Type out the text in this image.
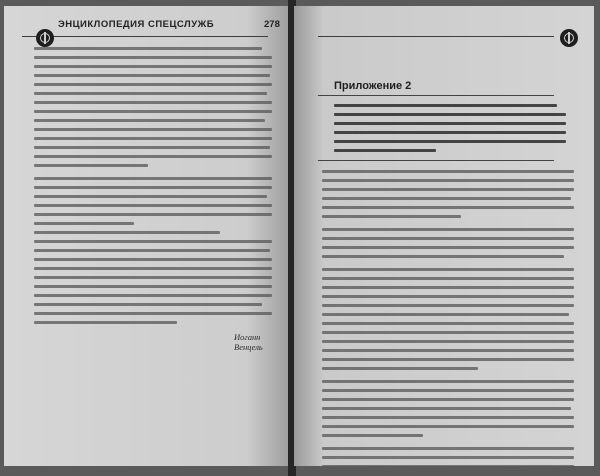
ЭНЦИКЛОПЕДИЯ СПЕЦСЛУЖБ	278
Иоганн Венцель
Приложение 2
